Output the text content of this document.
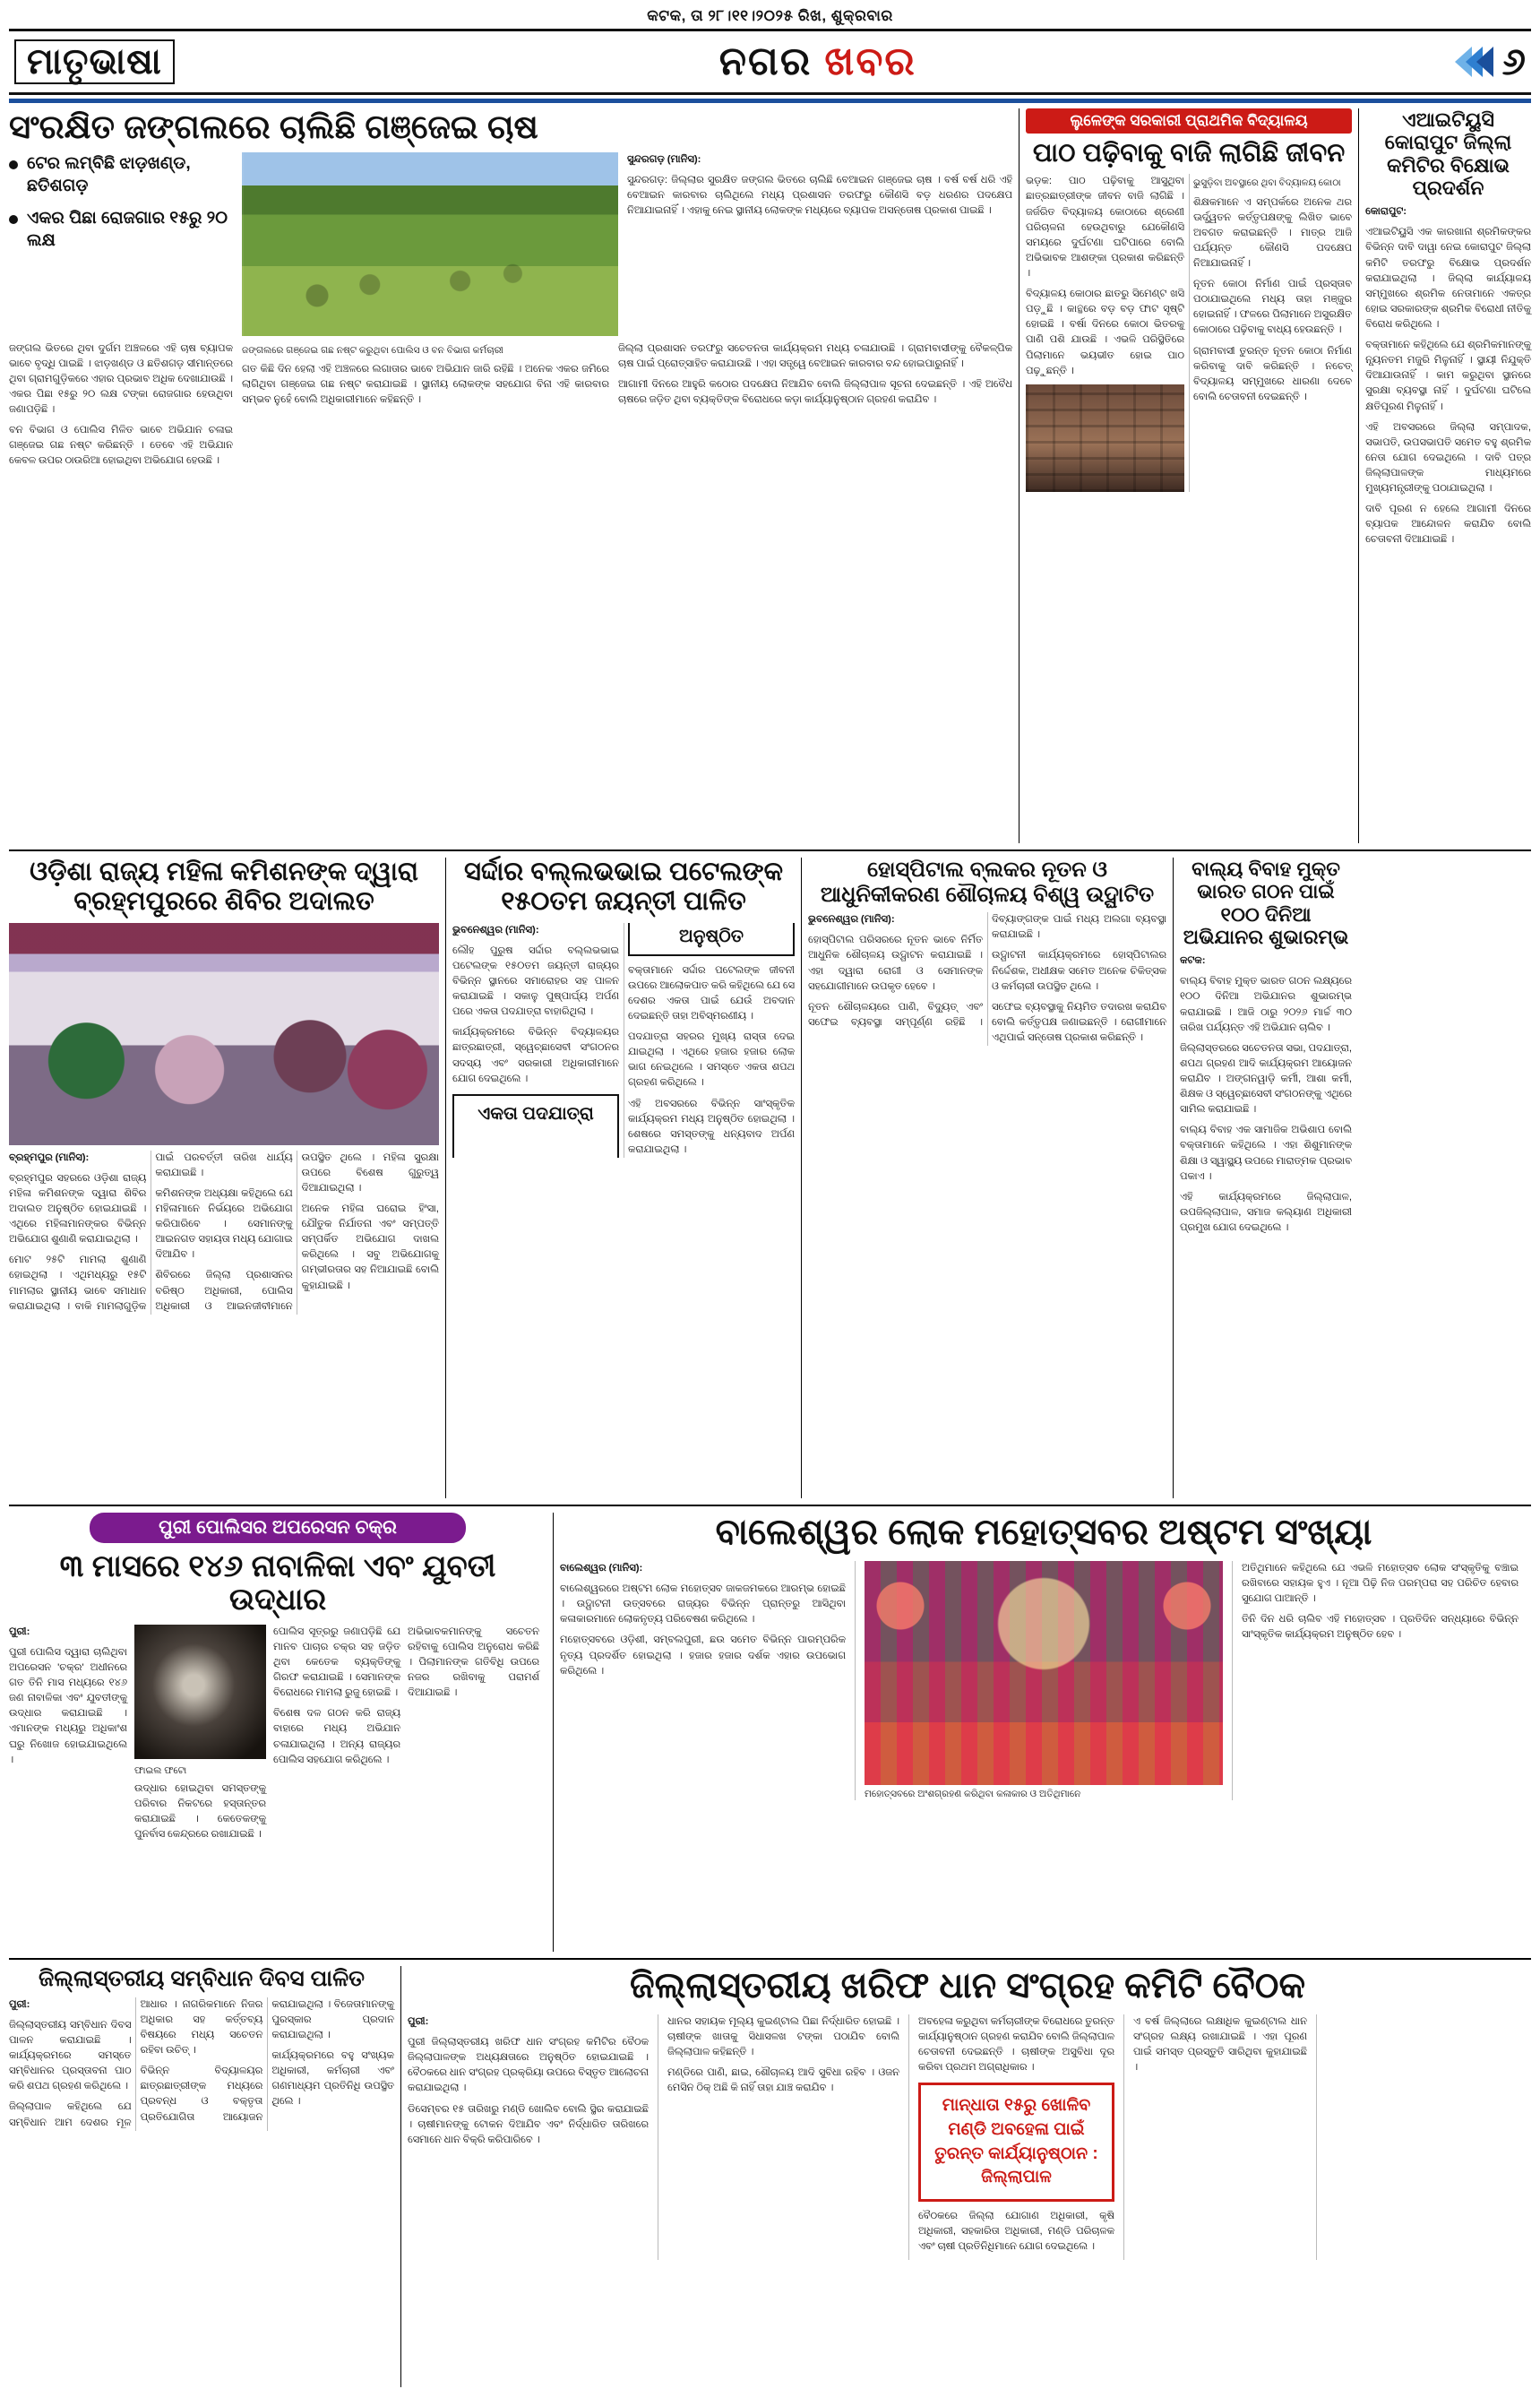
କଟକ, ତା ୨୮।୧୧।୨୦୨୫ ରିଖ, ଶୁକ୍ରବାର
ମାତୃଭାଷା	ନଗର ଖବର	୬
ସଂରକ୍ଷିତ ଜଙ୍ଗଲରେ ଚାଲିଛି ଗଞ୍ଜେଇ ଚାଷ
ଟେର ଲମ୍ବିଛି ଝାଡ଼ଖଣ୍ଡ, ଛତିଶଗଡ଼
ଏକର ପିଛା ରୋଜଗାର ୧୫ରୁ ୨୦ ଲକ୍ଷ

ସୁନ୍ଦରଗଡ଼ (ମାନିସ):

ସୁନ୍ଦରଗଡ଼: ଜିଲ୍ଲାର ସୁରକ୍ଷିତ ଜଙ୍ଗଲ ଭିତରେ ଚାଲିଛି ବେଆଇନ ଗଞ୍ଜେଇ ଚାଷ । ବର୍ଷ ବର୍ଷ ଧରି ଏହି ବେଆଇନ କାରବାର ଚାଲିଥିଲେ ମଧ୍ୟ ପ୍ରଶାସନ ତରଫରୁ କୌଣସି ବଡ଼ ଧରଣର ପଦକ୍ଷେପ ନିଆଯାଇନାହିଁ । ଏହାକୁ ନେଇ ସ୍ଥାନୀୟ ଲୋକଙ୍କ ମଧ୍ୟରେ ବ୍ୟାପକ ଅସନ୍ତୋଷ ପ୍ରକାଶ ପାଇଛି ।

ଜଙ୍ଗଲ ଭିତରେ ଥିବା ଦୁର୍ଗମ ଅଞ୍ଚଳରେ ଏହି ଚାଷ ବ୍ୟାପକ ଭାବେ ବୃଦ୍ଧି ପାଇଛି । ଝାଡ଼ଖଣ୍ଡ ଓ ଛତିଶଗଡ଼ ସୀମାନ୍ତରେ ଥିବା ଗ୍ରାମଗୁଡ଼ିକରେ ଏହାର ପ୍ରଭାବ ଅଧିକ ଦେଖାଯାଉଛି । ଏକର ପିଛା ୧୫ରୁ ୨୦ ଲକ୍ଷ ଟଙ୍କା ରୋଜଗାର ହେଉଥିବା ଜଣାପଡ଼ିଛି ।

ବନ ବିଭାଗ ଓ ପୋଲିସ ମିଳିତ ଭାବେ ଅଭିଯାନ ଚଳାଇ ଗଞ୍ଜେଇ ଗଛ ନଷ୍ଟ କରିଛନ୍ତି । ତେବେ ଏହି ଅଭିଯାନ କେବଳ ଉପର ଠାଉରିଆ ହୋଇଥିବା ଅଭିଯୋଗ ହେଉଛି ।

ଜଙ୍ଗଲରେ ଗଞ୍ଜେଇ ଗଛ ନଷ୍ଟ କରୁଥିବା ପୋଲିସ ଓ ବନ ବିଭାଗ କର୍ମଚାରୀ

ଗତ କିଛି ଦିନ ହେଲା ଏହି ଅଞ୍ଚଳରେ ଲଗାତାର ଭାବେ ଅଭିଯାନ ଜାରି ରହିଛି । ଅନେକ ଏକର ଜମିରେ ଲାଗିଥିବା ଗଞ୍ଜେଇ ଗଛ ନଷ୍ଟ କରାଯାଇଛି । ସ୍ଥାନୀୟ ଲୋକଙ୍କ ସହଯୋଗ ବିନା ଏହି କାରବାର ସମ୍ଭବ ନୁହେଁ ବୋଲି ଅଧିକାରୀମାନେ କହିଛନ୍ତି ।

ଜିଲ୍ଲା ପ୍ରଶାସନ ତରଫରୁ ସଚେତନତା କାର୍ଯ୍ୟକ୍ରମ ମଧ୍ୟ ଚଳାଯାଉଛି । ଗ୍ରାମବାସୀଙ୍କୁ ବୈକଳ୍ପିକ ଚାଷ ପାଇଁ ପ୍ରୋତ୍ସାହିତ କରାଯାଉଛି । ଏହା ସତ୍ତ୍ୱେ ବେଆଇନ କାରବାର ବନ୍ଦ ହୋଇପାରୁନାହିଁ ।

ଆଗାମୀ ଦିନରେ ଆହୁରି କଠୋର ପଦକ୍ଷେପ ନିଆଯିବ ବୋଲି ଜିଲ୍ଲାପାଳ ସୂଚନା ଦେଇଛନ୍ତି । ଏହି ଅବୈଧ ଚାଷରେ ଜଡ଼ିତ ଥିବା ବ୍ୟକ୍ତିଙ୍କ ବିରୋଧରେ କଡ଼ା କାର୍ଯ୍ୟାନୁଷ୍ଠାନ ଗ୍ରହଣ କରାଯିବ ।

ଲୁଳେଙ୍କ ସରକାରୀ ପ୍ରାଥମିକ ବିଦ୍ୟାଳୟ
ପାଠ ପଢ଼ିବାକୁ ବାଜି ଲାଗିଛି ଜୀବନ

ଭଡ଼କ: ପାଠ ପଢ଼ିବାକୁ ଆସୁଥିବା ଛାତ୍ରଛାତ୍ରୀଙ୍କ ଜୀବନ ବାଜି ଲାଗିଛି । ଜର୍ଜରିତ ବିଦ୍ୟାଳୟ କୋଠାରେ ଶ୍ରେଣୀ ପରିଚାଳନା ହେଉଥିବାରୁ ଯେକୌଣସି ସମୟରେ ଦୁର୍ଘଟଣା ଘଟିପାରେ ବୋଲି ଅଭିଭାବକ ଆଶଙ୍କା ପ୍ରକାଶ କରିଛନ୍ତି ।

ବିଦ୍ୟାଳୟ କୋଠାର ଛାତରୁ ସିମେଣ୍ଟ ଖସି ପଡ଼ୁଛି । କାନ୍ଥରେ ବଡ଼ ବଡ଼ ଫାଟ ସୃଷ୍ଟି ହୋଇଛି । ବର୍ଷା ଦିନରେ କୋଠା ଭିତରକୁ ପାଣି ପଶି ଯାଉଛି । ଏଭଳି ପରିସ୍ଥିତିରେ ପିଲାମାନେ ଭୟଭୀତ ହୋଇ ପାଠ ପଢ଼ୁଛନ୍ତି ।

ଭୁସୁଡ଼ିବା ଅବସ୍ଥାରେ ଥିବା ବିଦ୍ୟାଳୟ କୋଠା

ଶିକ୍ଷକମାନେ ଏ ସମ୍ପର୍କରେ ଅନେକ ଥର ଊର୍ଦ୍ଧ୍ୱତନ କର୍ତ୍ତୃପକ୍ଷଙ୍କୁ ଲିଖିତ ଭାବେ ଅବଗତ କରାଇଛନ୍ତି । ମାତ୍ର ଆଜି ପର୍ଯ୍ୟନ୍ତ କୌଣସି ପଦକ୍ଷେପ ନିଆଯାଇନାହିଁ ।

ନୂତନ କୋଠା ନିର୍ମାଣ ପାଇଁ ପ୍ରସ୍ତାବ ପଠାଯାଇଥିଲେ ମଧ୍ୟ ତାହା ମଞ୍ଜୁର ହୋଇନାହିଁ । ଫଳରେ ପିଲାମାନେ ଅସୁରକ୍ଷିତ କୋଠାରେ ପଢ଼ିବାକୁ ବାଧ୍ୟ ହେଉଛନ୍ତି ।

ଗ୍ରାମବାସୀ ତୁରନ୍ତ ନୂତନ କୋଠା ନିର୍ମାଣ କରିବାକୁ ଦାବି କରିଛନ୍ତି । ନଚେତ୍ ବିଦ୍ୟାଳୟ ସମ୍ମୁଖରେ ଧାରଣା ଦେବେ ବୋଲି ଚେତାବନୀ ଦେଇଛନ୍ତି ।

ଏଆଇଟିୟୁସି କୋରାପୁଟ ଜିଲ୍ଲା କମିଟିର ବିକ୍ଷୋଭ ପ୍ରଦର୍ଶନ

କୋରାପୁଟ:

ଏଆଇଟିୟୁସି ଏକ କାରଖାନା ଶ୍ରମିକଙ୍କର ବିଭିନ୍ନ ଦାବି ଦାୱା ନେଇ କୋରାପୁଟ ଜିଲ୍ଲା କମିଟି ତରଫରୁ ବିକ୍ଷୋଭ ପ୍ରଦର୍ଶନ କରାଯାଇଥିଲା । ଜିଲ୍ଲା କାର୍ଯ୍ୟାଳୟ ସମ୍ମୁଖରେ ଶ୍ରମିକ ନେତାମାନେ ଏକତ୍ର ହୋଇ ସରକାରଙ୍କ ଶ୍ରମିକ ବିରୋଧୀ ନୀତିକୁ ବିରୋଧ କରିଥିଲେ ।

ବକ୍ତାମାନେ କହିଥିଲେ ଯେ ଶ୍ରମିକମାନଙ୍କୁ ନ୍ୟୂନତମ ମଜୁରି ମିଳୁନାହିଁ । ସ୍ଥାୟୀ ନିଯୁକ୍ତି ଦିଆଯାଉନାହିଁ । କାମ କରୁଥିବା ସ୍ଥାନରେ ସୁରକ୍ଷା ବ୍ୟବସ୍ଥା ନାହିଁ । ଦୁର୍ଘଟଣା ଘଟିଲେ କ୍ଷତିପୂରଣ ମିଳୁନାହିଁ ।

ଏହି ଅବସରରେ ଜିଲ୍ଲା ସମ୍ପାଦକ, ସଭାପତି, ଉପସଭାପତି ସମେତ ବହୁ ଶ୍ରମିକ ନେତା ଯୋଗ ଦେଇଥିଲେ । ଦାବି ପତ୍ର ଜିଲ୍ଲାପାଳଙ୍କ ମାଧ୍ୟମରେ ମୁଖ୍ୟମନ୍ତ୍ରୀଙ୍କୁ ପଠାଯାଇଥିଲା ।

ଦାବି ପୂରଣ ନ ହେଲେ ଆଗାମୀ ଦିନରେ ବ୍ୟାପକ ଆନ୍ଦୋଳନ କରାଯିବ ବୋଲି ଚେତାବନୀ ଦିଆଯାଇଛି ।

ଓଡ଼ିଶା ରାଜ୍ୟ ମହିଳା କମିଶନଙ୍କ ଦ୍ୱାରା ବ୍ରହ୍ମପୁରରେ ଶିବିର ଅଦାଲତ

ବ୍ରହ୍ମପୁର (ମାନିସ):

ବ୍ରହ୍ମପୁର ସହରରେ ଓଡ଼ିଶା ରାଜ୍ୟ ମହିଳା କମିଶନଙ୍କ ଦ୍ୱାରା ଶିବିର ଅଦାଲତ ଅନୁଷ୍ଠିତ ହୋଇଯାଇଛି । ଏଥିରେ ମହିଳାମାନଙ୍କର ବିଭିନ୍ନ ଅଭିଯୋଗ ଶୁଣାଣି କରାଯାଇଥିଲା ।

ମୋଟ ୨୫ଟି ମାମଲା ଶୁଣାଣି ହୋଇଥିଲା । ଏଥିମଧ୍ୟରୁ ୧୫ଟି ମାମଲାର ସ୍ଥାନୀୟ ଭାବେ ସମାଧାନ କରାଯାଇଥିଲା । ବାକି ମାମଲାଗୁଡ଼ିକ ପାଇଁ ପରବର୍ତ୍ତୀ ତାରିଖ ଧାର୍ଯ୍ୟ କରାଯାଇଛି ।

କମିଶନଙ୍କ ଅଧ୍ୟକ୍ଷା କହିଥିଲେ ଯେ ମହିଳାମାନେ ନିର୍ଭୟରେ ଅଭିଯୋଗ କରିପାରିବେ । ସେମାନଙ୍କୁ ଆଇନଗତ ସହାୟତା ମଧ୍ୟ ଯୋଗାଇ ଦିଆଯିବ ।

ଶିବିରରେ ଜିଲ୍ଲା ପ୍ରଶାସନର ବରିଷ୍ଠ ଅଧିକାରୀ, ପୋଲିସ ଅଧିକାରୀ ଓ ଆଇନଜୀବୀମାନେ ଉପସ୍ଥିତ ଥିଲେ । ମହିଳା ସୁରକ୍ଷା ଉପରେ ବିଶେଷ ଗୁରୁତ୍ୱ ଦିଆଯାଇଥିଲା ।

ଅନେକ ମହିଳା ଘରୋଇ ହିଂସା, ଯୌତୁକ ନିର୍ଯାତନା ଏବଂ ସମ୍ପତ୍ତି ସମ୍ପର୍କିତ ଅଭିଯୋଗ ଦାଖଲ କରିଥିଲେ । ସବୁ ଅଭିଯୋଗକୁ ଗମ୍ଭୀରତାର ସହ ନିଆଯାଇଛି ବୋଲି କୁହାଯାଇଛି ।

ସର୍ଦ୍ଦାର ବଲ୍ଲଭଭାଇ ପଟେଲଙ୍କ ୧୫୦ତମ ଜୟନ୍ତୀ ପାଳିତ

ଭୁବନେଶ୍ୱର (ମାନିସ):

ଲୌହ ପୁରୁଷ ସର୍ଦ୍ଦାର ବଲ୍ଲଭଭାଇ ପଟେଲଙ୍କ ୧୫୦ତମ ଜୟନ୍ତୀ ରାଜ୍ୟର ବିଭିନ୍ନ ସ୍ଥାନରେ ସମାରୋହର ସହ ପାଳନ କରାଯାଇଛି । ସକାଳୁ ପୁଷ୍ପାର୍ଘ୍ୟ ଅର୍ପଣ ପରେ ଏକତା ପଦଯାତ୍ରା ବାହାରିଥିଲା ।

କାର୍ଯ୍ୟକ୍ରମରେ ବିଭିନ୍ନ ବିଦ୍ୟାଳୟର ଛାତ୍ରଛାତ୍ରୀ, ସ୍ୱେଚ୍ଛାସେବୀ ସଂଗଠନର ସଦସ୍ୟ ଏବଂ ସରକାରୀ ଅଧିକାରୀମାନେ ଯୋଗ ଦେଇଥିଲେ ।

ଏକତା ପଦଯାତ୍ରା ଅନୁଷ୍ଠିତ

ବକ୍ତାମାନେ ସର୍ଦ୍ଦାର ପଟେଲଙ୍କ ଜୀବନୀ ଉପରେ ଆଲୋକପାତ କରି କହିଥିଲେ ଯେ ସେ ଦେଶର ଏକତା ପାଇଁ ଯେଉଁ ଅବଦାନ ଦେଇଛନ୍ତି ତାହା ଅବିସ୍ମରଣୀୟ ।

ପଦଯାତ୍ରା ସହରର ମୁଖ୍ୟ ରାସ୍ତା ଦେଇ ଯାଇଥିଲା । ଏଥିରେ ହଜାର ହଜାର ଲୋକ ଭାଗ ନେଇଥିଲେ । ସମସ୍ତେ ଏକତା ଶପଥ ଗ୍ରହଣ କରିଥିଲେ ।

ଏହି ଅବସରରେ ବିଭିନ୍ନ ସାଂସ୍କୃତିକ କାର୍ଯ୍ୟକ୍ରମ ମଧ୍ୟ ଅନୁଷ୍ଠିତ ହୋଇଥିଲା । ଶେଷରେ ସମସ୍ତଙ୍କୁ ଧନ୍ୟବାଦ ଅର୍ପଣ କରାଯାଇଥିଲା ।

ହୋସ୍ପିଟାଲ ବ୍ଲକର ନୂତନ ଓ ଆଧୁନିକୀକରଣ ଶୌଚାଳୟ ବିଶ୍ୱ ଉଦ୍ଘାଟିତ

ଭୁବନେଶ୍ୱର (ମାନିସ):

ହୋସ୍ପିଟାଲ ପରିସରରେ ନୂତନ ଭାବେ ନିର୍ମିତ ଆଧୁନିକ ଶୌଚାଳୟ ଉଦ୍ଘାଟନ କରାଯାଇଛି । ଏହା ଦ୍ୱାରା ରୋଗୀ ଓ ସେମାନଙ୍କ ସହଯୋଗୀମାନେ ଉପକୃତ ହେବେ ।

ନୂତନ ଶୌଚାଳୟରେ ପାଣି, ବିଦ୍ୟୁତ୍ ଏବଂ ସଫେଇ ବ୍ୟବସ୍ଥା ସମ୍ପୂର୍ଣ୍ଣ ରହିଛି । ଦିବ୍ୟାଙ୍ଗଙ୍କ ପାଇଁ ମଧ୍ୟ ଅଲଗା ବ୍ୟବସ୍ଥା କରାଯାଇଛି ।

ଉଦ୍ଘାଟନୀ କାର୍ଯ୍ୟକ୍ରମରେ ହୋସ୍ପିଟାଲର ନିର୍ଦ୍ଦେଶକ, ଅଧୀକ୍ଷକ ସମେତ ଅନେକ ଚିକିତ୍ସକ ଓ କର୍ମଚାରୀ ଉପସ୍ଥିତ ଥିଲେ ।

ସଫେଇ ବ୍ୟବସ୍ଥାକୁ ନିୟମିତ ତଦାରଖ କରାଯିବ ବୋଲି କର୍ତ୍ତୃପକ୍ଷ ଜଣାଇଛନ୍ତି । ରୋଗୀମାନେ ଏଥିପାଇଁ ସନ୍ତୋଷ ପ୍ରକାଶ କରିଛନ୍ତି ।

ବାଲ୍ୟ ବିବାହ ମୁକ୍ତ ଭାରତ ଗଠନ ପାଇଁ ୧୦୦ ଦିନିଆ ଅଭିଯାନର ଶୁଭାରମ୍ଭ

କଟକ:

ବାଲ୍ୟ ବିବାହ ମୁକ୍ତ ଭାରତ ଗଠନ ଲକ୍ଷ୍ୟରେ ୧୦୦ ଦିନିଆ ଅଭିଯାନର ଶୁଭାରମ୍ଭ କରାଯାଇଛି । ଆଜି ଠାରୁ ୨୦୨୬ ମାର୍ଚ୍ଚ ୩୦ ତାରିଖ ପର୍ଯ୍ୟନ୍ତ ଏହି ଅଭିଯାନ ଚାଲିବ ।

ଜିଲ୍ଲାସ୍ତରରେ ସଚେତନତା ସଭା, ପଦଯାତ୍ରା, ଶପଥ ଗ୍ରହଣ ଆଦି କାର୍ଯ୍ୟକ୍ରମ ଆୟୋଜନ କରାଯିବ । ଅଙ୍ଗନୱାଡ଼ି କର୍ମୀ, ଆଶା କର୍ମୀ, ଶିକ୍ଷକ ଓ ସ୍ୱେଚ୍ଛାସେବୀ ସଂଗଠନଙ୍କୁ ଏଥିରେ ସାମିଲ କରାଯାଇଛି ।

ବାଲ୍ୟ ବିବାହ ଏକ ସାମାଜିକ ଅଭିଶାପ ବୋଲି ବକ୍ତାମାନେ କହିଥିଲେ । ଏହା ଶିଶୁମାନଙ୍କ ଶିକ୍ଷା ଓ ସ୍ୱାସ୍ଥ୍ୟ ଉପରେ ମାରାତ୍ମକ ପ୍ରଭାବ ପକାଏ ।

ଏହି କାର୍ଯ୍ୟକ୍ରମରେ ଜିଲ୍ଲାପାଳ, ଉପଜିଲ୍ଲାପାଳ, ସମାଜ କଲ୍ୟାଣ ଅଧିକାରୀ ପ୍ରମୁଖ ଯୋଗ ଦେଇଥିଲେ ।

ପୁରୀ ପୋଲିସର ଅପରେସନ ଚକ୍ର
୩ ମାସରେ ୧୪୬ ନାବାଳିକା ଏବଂ ଯୁବତୀ ଉଦ୍ଧାର

ପୁରୀ:

ପୁରୀ ପୋଲିସ ଦ୍ୱାରା ଚାଲିଥିବା ଅପରେସନ 'ଚକ୍ର' ଅଧୀନରେ ଗତ ତିନି ମାସ ମଧ୍ୟରେ ୧୪୬ ଜଣ ନାବାଳିକା ଏବଂ ଯୁବତୀଙ୍କୁ ଉଦ୍ଧାର କରାଯାଇଛି । ଏମାନଙ୍କ ମଧ୍ୟରୁ ଅଧିକାଂଶ ଘରୁ ନିଖୋଜ ହୋଇଯାଇଥିଲେ ।

ଫାଇଲ ଫଟୋ

ଉଦ୍ଧାର ହୋଇଥିବା ସମସ୍ତଙ୍କୁ ପରିବାର ନିକଟରେ ହସ୍ତାନ୍ତର କରାଯାଇଛି । କେତେକଙ୍କୁ ପୁନର୍ବାସ କେନ୍ଦ୍ରରେ ରଖାଯାଇଛି ।

ପୋଲିସ ସୂତ୍ରରୁ ଜଣାପଡ଼ିଛି ଯେ ମାନବ ପାଚାର ଚକ୍ର ସହ ଜଡ଼ିତ ଥିବା କେତେକ ବ୍ୟକ୍ତିଙ୍କୁ ଗିରଫ କରାଯାଇଛି । ସେମାନଙ୍କ ବିରୋଧରେ ମାମଲା ରୁଜୁ ହୋଇଛି ।

ବିଶେଷ ଦଳ ଗଠନ କରି ରାଜ୍ୟ ବାହାରେ ମଧ୍ୟ ଅଭିଯାନ ଚଳାଯାଇଥିଲା । ଅନ୍ୟ ରାଜ୍ୟର ପୋଲିସ ସହଯୋଗ କରିଥିଲେ ।

ଅଭିଭାବକମାନଙ୍କୁ ସଚେତନ ରହିବାକୁ ପୋଲିସ ଅନୁରୋଧ କରିଛି । ପିଲାମାନଙ୍କ ଗତିବିଧି ଉପରେ ନଜର ରଖିବାକୁ ପରାମର୍ଶ ଦିଆଯାଇଛି ।

ବାଲେଶ୍ୱର ଲୋକ ମହୋତ୍ସବର ଅଷ୍ଟମ ସଂଖ୍ୟା

ବାଲେଶ୍ୱର (ମାନିସ):

ବାଲେଶ୍ୱରରେ ଅଷ୍ଟମ ଲୋକ ମହୋତ୍ସବ ଜାକଜମକରେ ଆରମ୍ଭ ହୋଇଛି । ଉଦ୍ଘାଟନୀ ଉତ୍ସବରେ ରାଜ୍ୟର ବିଭିନ୍ନ ପ୍ରାନ୍ତରୁ ଆସିଥିବା କଳାକାରମାନେ ଲୋକନୃତ୍ୟ ପରିବେଷଣ କରିଥିଲେ ।

ମହୋତ୍ସବରେ ଓଡ଼ିଶୀ, ସମ୍ବଲପୁରୀ, ଛଉ ସମେତ ବିଭିନ୍ନ ପାରମ୍ପରିକ ନୃତ୍ୟ ପ୍ରଦର୍ଶିତ ହୋଇଥିଲା । ହଜାର ହଜାର ଦର୍ଶକ ଏହାର ଉପଭୋଗ କରିଥିଲେ ।

ମହୋତ୍ସବରେ ଅଂଶଗ୍ରହଣ କରିଥିବା କଳାକାର ଓ ଅତିଥିମାନେ

ଅତିଥିମାନେ କହିଥିଲେ ଯେ ଏଭଳି ମହୋତ୍ସବ ଲୋକ ସଂସ୍କୃତିକୁ ବଞ୍ଚାଇ ରଖିବାରେ ସହାୟକ ହୁଏ । ନୂଆ ପିଢ଼ି ନିଜ ପରମ୍ପରା ସହ ପରିଚିତ ହେବାର ସୁଯୋଗ ପାଆନ୍ତି ।

ତିନି ଦିନ ଧରି ଚାଲିବ ଏହି ମହୋତ୍ସବ । ପ୍ରତିଦିନ ସନ୍ଧ୍ୟାରେ ବିଭିନ୍ନ ସାଂସ୍କୃତିକ କାର୍ଯ୍ୟକ୍ରମ ଅନୁଷ୍ଠିତ ହେବ ।

ଜିଲ୍ଲାସ୍ତରୀୟ ସମ୍ବିଧାନ ଦିବସ ପାଳିତ

ପୁରୀ:

ଜିଲ୍ଲାସ୍ତରୀୟ ସମ୍ବିଧାନ ଦିବସ ପାଳନ କରାଯାଇଛି । କାର୍ଯ୍ୟକ୍ରମରେ ସମସ୍ତେ ସମ୍ବିଧାନର ପ୍ରସ୍ତାବନା ପାଠ କରି ଶପଥ ଗ୍ରହଣ କରିଥିଲେ ।

ଜିଲ୍ଲାପାଳ କହିଥିଲେ ଯେ ସମ୍ବିଧାନ ଆମ ଦେଶର ମୂଳ ଆଧାର । ନାଗରିକମାନେ ନିଜର ଅଧିକାର ସହ କର୍ତ୍ତବ୍ୟ ବିଷୟରେ ମଧ୍ୟ ସଚେତନ ରହିବା ଉଚିତ୍ ।

ବିଭିନ୍ନ ବିଦ୍ୟାଳୟର ଛାତ୍ରଛାତ୍ରୀଙ୍କ ମଧ୍ୟରେ ପ୍ରବନ୍ଧ ଓ ବକ୍ତୃତା ପ୍ରତିଯୋଗିତା ଆୟୋଜନ କରାଯାଇଥିଲା । ବିଜେତାମାନଙ୍କୁ ପୁରସ୍କାର ପ୍ରଦାନ କରାଯାଇଥିଲା ।

କାର୍ଯ୍ୟକ୍ରମରେ ବହୁ ସଂଖ୍ୟକ ଅଧିକାରୀ, କର୍ମଚାରୀ ଏବଂ ଗଣମାଧ୍ୟମ ପ୍ରତିନିଧି ଉପସ୍ଥିତ ଥିଲେ ।

ଜିଲ୍ଲାସ୍ତରୀୟ ଖରିଫ ଧାନ ସଂଗ୍ରହ କମିଟି ବୈଠକ

ପୁରୀ:

ପୁରୀ ଜିଲ୍ଲାସ୍ତରୀୟ ଖରିଫ ଧାନ ସଂଗ୍ରହ କମିଟିର ବୈଠକ ଜିଲ୍ଲାପାଳଙ୍କ ଅଧ୍ୟକ୍ଷତାରେ ଅନୁଷ୍ଠିତ ହୋଇଯାଇଛି । ବୈଠକରେ ଧାନ ସଂଗ୍ରହ ପ୍ରକ୍ରିୟା ଉପରେ ବିସ୍ତୃତ ଆଲୋଚନା କରାଯାଇଥିଲା ।

ଡିସେମ୍ବର ୧୫ ତାରିଖରୁ ମଣ୍ଡି ଖୋଲିବ ବୋଲି ସ୍ଥିର କରାଯାଇଛି । ଚାଷୀମାନଙ୍କୁ ଟୋକନ ଦିଆଯିବ ଏବଂ ନିର୍ଦ୍ଧାରିତ ତାରିଖରେ ସେମାନେ ଧାନ ବିକ୍ରି କରିପାରିବେ ।

ଧାନର ସହାୟକ ମୂଲ୍ୟ କୁଇଣ୍ଟାଲ ପିଛା ନିର୍ଦ୍ଧାରିତ ହୋଇଛି । ଚାଷୀଙ୍କ ଖାତାକୁ ସିଧାସଳଖ ଟଙ୍କା ପଠାଯିବ ବୋଲି ଜିଲ୍ଲାପାଳ କହିଛନ୍ତି ।

ମଣ୍ଡିରେ ପାଣି, ଛାଇ, ଶୌଚାଳୟ ଆଦି ସୁବିଧା ରହିବ । ଓଜନ ମେସିନ ଠିକ୍ ଅଛି କି ନାହିଁ ତାହା ଯାଞ୍ଚ କରାଯିବ ।

ଅବହେଳା କରୁଥିବା କର୍ମଚାରୀଙ୍କ ବିରୋଧରେ ତୁରନ୍ତ କାର୍ଯ୍ୟାନୁଷ୍ଠାନ ଗ୍ରହଣ କରାଯିବ ବୋଲି ଜିଲ୍ଲାପାଳ ଚେତାବନୀ ଦେଇଛନ୍ତି । ଚାଷୀଙ୍କ ଅସୁବିଧା ଦୂର କରିବା ପ୍ରଥମ ଅଗ୍ରାଧିକାର ।

ମାନ୍ଧାତା ୧୫ରୁ ଖୋଳିବ ମଣ୍ଡି ଅବହେଳା ପାଇଁ ତୁରନ୍ତ କାର୍ଯ୍ୟାନୁଷ୍ଠାନ : ଜିଲ୍ଲାପାଳ

ବୈଠକରେ ଜିଲ୍ଲା ଯୋଗାଣ ଅଧିକାରୀ, କୃଷି ଅଧିକାରୀ, ସହକାରିତା ଅଧିକାରୀ, ମଣ୍ଡି ପରିଚାଳକ ଏବଂ ଚାଷୀ ପ୍ରତିନିଧିମାନେ ଯୋଗ ଦେଇଥିଲେ ।

ଏ ବର୍ଷ ଜିଲ୍ଲାରେ ଲକ୍ଷାଧିକ କୁଇଣ୍ଟାଲ ଧାନ ସଂଗ୍ରହ ଲକ୍ଷ୍ୟ ରଖାଯାଇଛି । ଏହା ପୂରଣ ପାଇଁ ସମସ୍ତ ପ୍ରସ୍ତୁତି ସାରିଥିବା କୁହାଯାଇଛି ।
